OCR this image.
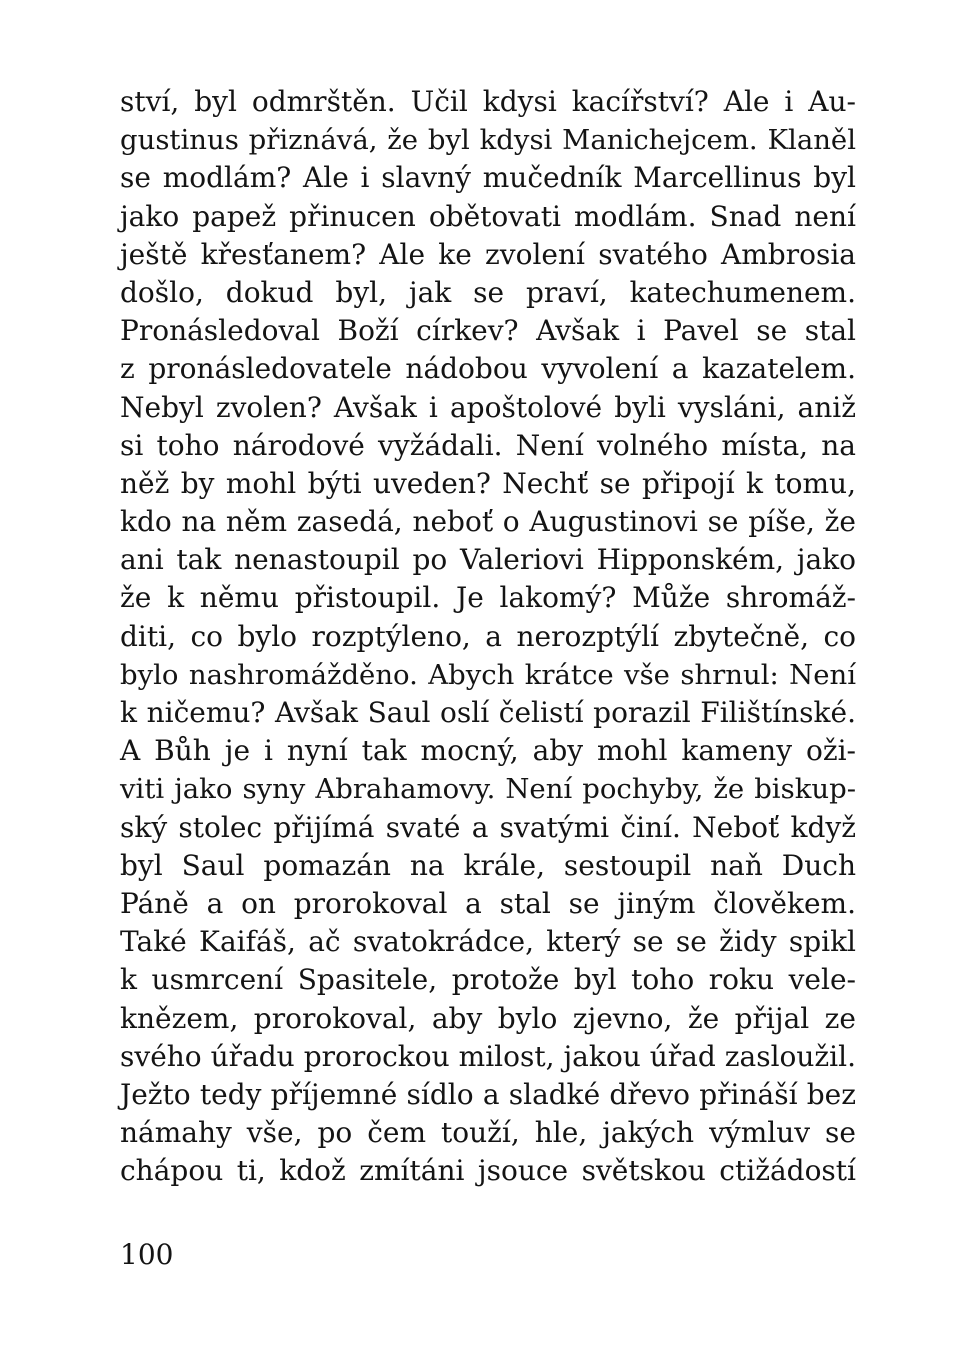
ství, byl odmrštěn. Učil kdysi kacířství? Ale i Au-
gustinus přiznává, že byl kdysi Manichejcem. Klaněl
se modlám? Ale i slavný mučedník Marcellinus byl
jako papež přinucen obětovati modlám. Snad není
ještě křesťanem? Ale ke zvolení svatého Ambrosia
došlo, dokud byl, jak se praví, katechumenem.
Pronásledoval Boží církev? Avšak i Pavel se stal
z pronásledovatele nádobou vyvolení a kazatelem.
Nebyl zvolen? Avšak i apoštolové byli vysláni, aniž
si toho národové vyžádali. Není volného místa, na
něž by mohl býti uveden? Nechť se připojí k tomu,
kdo na něm zasedá, neboť o Augustinovi se píše, že
ani tak nenastoupil po Valeriovi Hipponském, jako
že k němu přistoupil. Je lakomý? Může shromáž-
diti, co bylo rozptýleno, a nerozptýlí zbytečně, co
bylo nashromážděno. Abych krátce vše shrnul: Není
k ničemu? Avšak Saul oslí čelistí porazil Filištínské.
A Bůh je i nyní tak mocný, aby mohl kameny oži-
viti jako syny Abrahamovy. Není pochyby, že biskup-
ský stolec přijímá svaté a svatými činí. Neboť když
byl Saul pomazán na krále, sestoupil naň Duch
Páně a on prorokoval a stal se jiným člověkem.
Také Kaifáš, ač svatokrádce, který se se židy spikl
k usmrcení Spasitele, protože byl toho roku vele-
knězem, prorokoval, aby bylo zjevno, že přijal ze
svého úřadu prorockou milost, jakou úřad zasloužil.
Ježto tedy příjemné sídlo a sladké dřevo přináší bez
námahy vše, po čem touží, hle, jakých výmluv se
chápou ti, kdož zmítáni jsouce světskou ctižádostí
100
